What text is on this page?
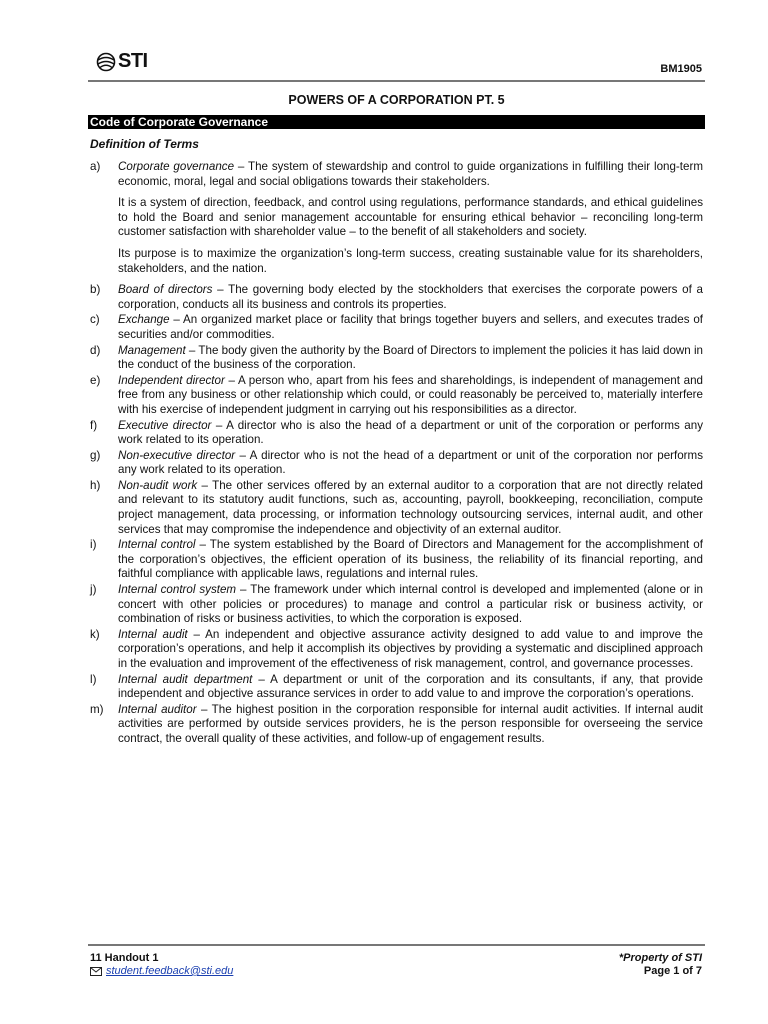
STI	BM1905
POWERS OF A CORPORATION PT. 5
Code of Corporate Governance
Definition of Terms
a)	Corporate governance – The system of stewardship and control to guide organizations in fulfilling their long-term economic, moral, legal and social obligations towards their stakeholders.

It is a system of direction, feedback, and control using regulations, performance standards, and ethical guidelines to hold the Board and senior management accountable for ensuring ethical behavior – reconciling long-term customer satisfaction with shareholder value – to the benefit of all stakeholders and society.

Its purpose is to maximize the organization’s long-term success, creating sustainable value for its shareholders, stakeholders, and the nation.

b)	Board of directors – The governing body elected by the stockholders that exercises the corporate powers of a corporation, conducts all its business and controls its properties.
c)	Exchange – An organized market place or facility that brings together buyers and sellers, and executes trades of securities and/or commodities.
d)	Management – The body given the authority by the Board of Directors to implement the policies it has laid down in the conduct of the business of the corporation.
e)	Independent director – A person who, apart from his fees and shareholdings, is independent of management and free from any business or other relationship which could, or could reasonably be perceived to, materially interfere with his exercise of independent judgment in carrying out his responsibilities as a director.
f)	Executive director – A director who is also the head of a department or unit of the corporation or performs any work related to its operation.
g)	Non-executive director – A director who is not the head of a department or unit of the corporation nor performs any work related to its operation.
h)	Non-audit work – The other services offered by an external auditor to a corporation that are not directly related and relevant to its statutory audit functions, such as, accounting, payroll, bookkeeping, reconciliation, compute project management, data processing, or information technology outsourcing services, internal audit, and other services that may compromise the independence and objectivity of an external auditor.
i)	Internal control – The system established by the Board of Directors and Management for the accomplishment of the corporation’s objectives, the efficient operation of its business, the reliability of its financial reporting, and faithful compliance with applicable laws, regulations and internal rules.
j)	Internal control system – The framework under which internal control is developed and implemented (alone or in concert with other policies or procedures) to manage and control a particular risk or business activity, or combination of risks or business activities, to which the corporation is exposed.
k)	Internal audit – An independent and objective assurance activity designed to add value to and improve the corporation’s operations, and help it accomplish its objectives by providing a systematic and disciplined approach in the evaluation and improvement of the effectiveness of risk management, control, and governance processes.
l)	Internal audit department – A department or unit of the corporation and its consultants, if any, that provide independent and objective assurance services in order to add value to and improve the corporation’s operations.
m)	Internal auditor – The highest position in the corporation responsible for internal audit activities. If internal audit activities are performed by outside services providers, he is the person responsible for overseeing the service contract, the overall quality of these activities, and follow-up of engagement results.
11 Handout 1
student.feedback@sti.edu
*Property of STI
Page 1 of 7
